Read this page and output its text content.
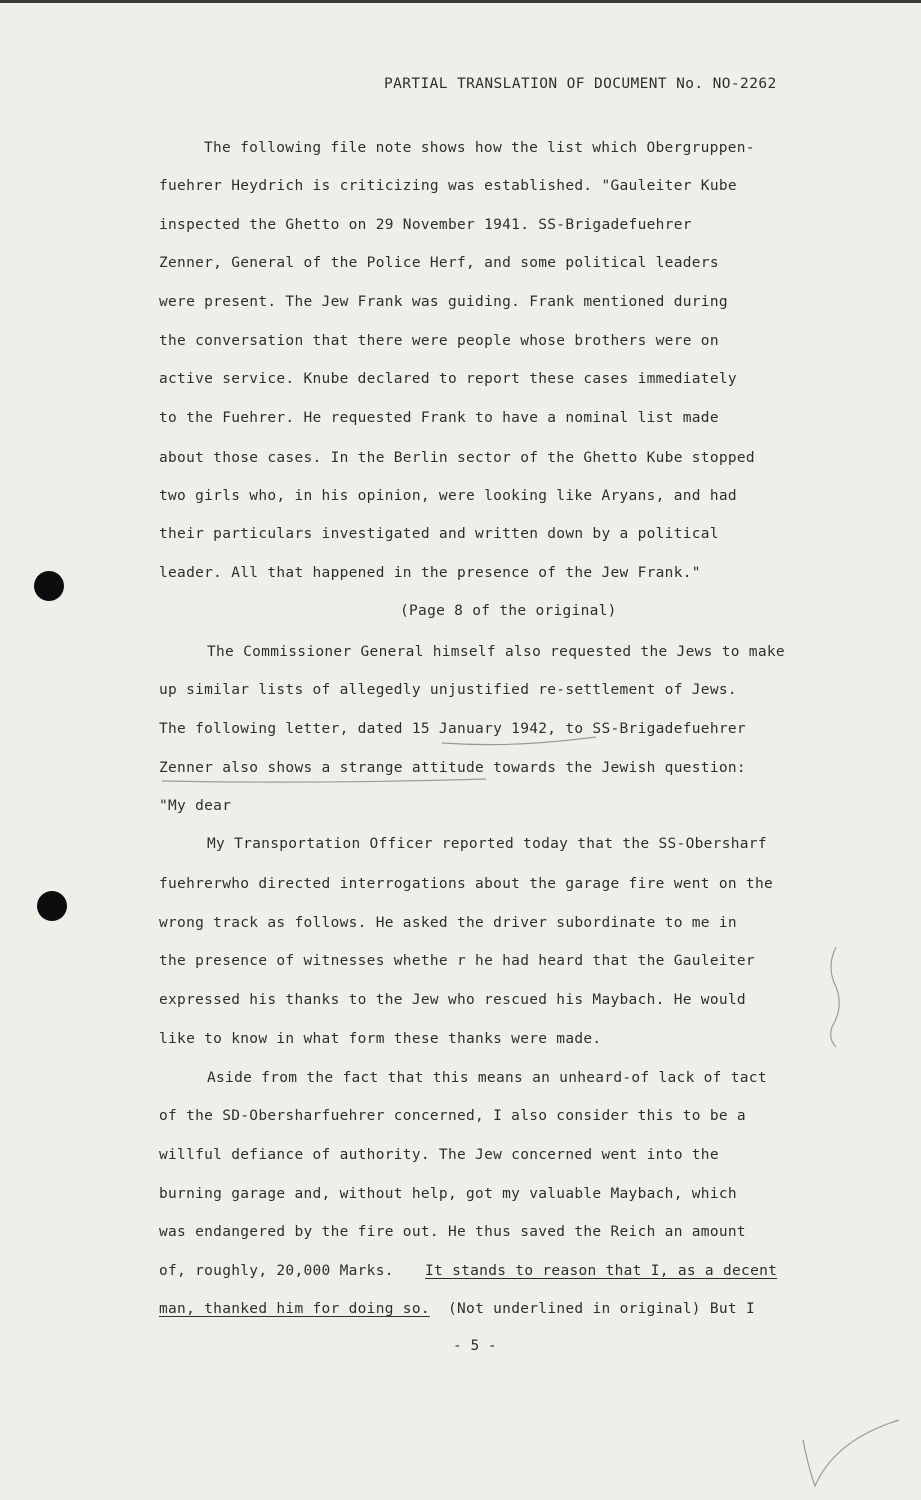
PARTIAL TRANSLATION OF DOCUMENT No. NO-2262
The following file note shows how the list which Obergruppen-
fuehrer Heydrich is criticizing was established. "Gauleiter Kube
inspected the Ghetto on 29 November 1941. SS-Brigadefuehrer
Zenner, General of the Police Herf, and some political leaders
were present. The Jew Frank was guiding. Frank mentioned during
the conversation that there were people whose brothers were on
active service. Knube declared to report these cases immediately
to the Fuehrer. He requested Frank to have a nominal list made
about those cases. In the Berlin sector of the Ghetto Kube stopped
two girls who, in his opinion, were looking like Aryans, and had
their particulars investigated and written down by a political
leader. All that happened in the presence of the Jew Frank."
(Page 8 of the original)
The Commissioner General himself also requested the Jews to make
up similar lists of allegedly unjustified re-settlement of Jews.
The following letter, dated 15 January 1942, to SS-Brigadefuehrer
Zenner also shows a strange attitude towards the Jewish question:
"My dear
My Transportation Officer reported today that the SS-Obersharf
fuehrerwho directed interrogations about the garage fire went on the
wrong track as follows. He asked the driver subordinate to me in
the presence of witnesses whethe r he had heard that the Gauleiter
expressed his thanks to the Jew who rescued his Maybach. He would
like to know in what form these thanks were made.
Aside from the fact that this means an unheard-of lack of tact
of the SD-Obersharfuehrer concerned, I also consider this to be a
willful defiance of authority. The Jew concerned went into the
burning garage and, without help, got my valuable Maybach, which
was endangered by the fire out. He thus saved the Reich an amount
of, roughly, 20,000 Marks. It stands to reason that I, as a decent
man, thanked him for doing so. (Not underlined in original) But I
- 5 -
